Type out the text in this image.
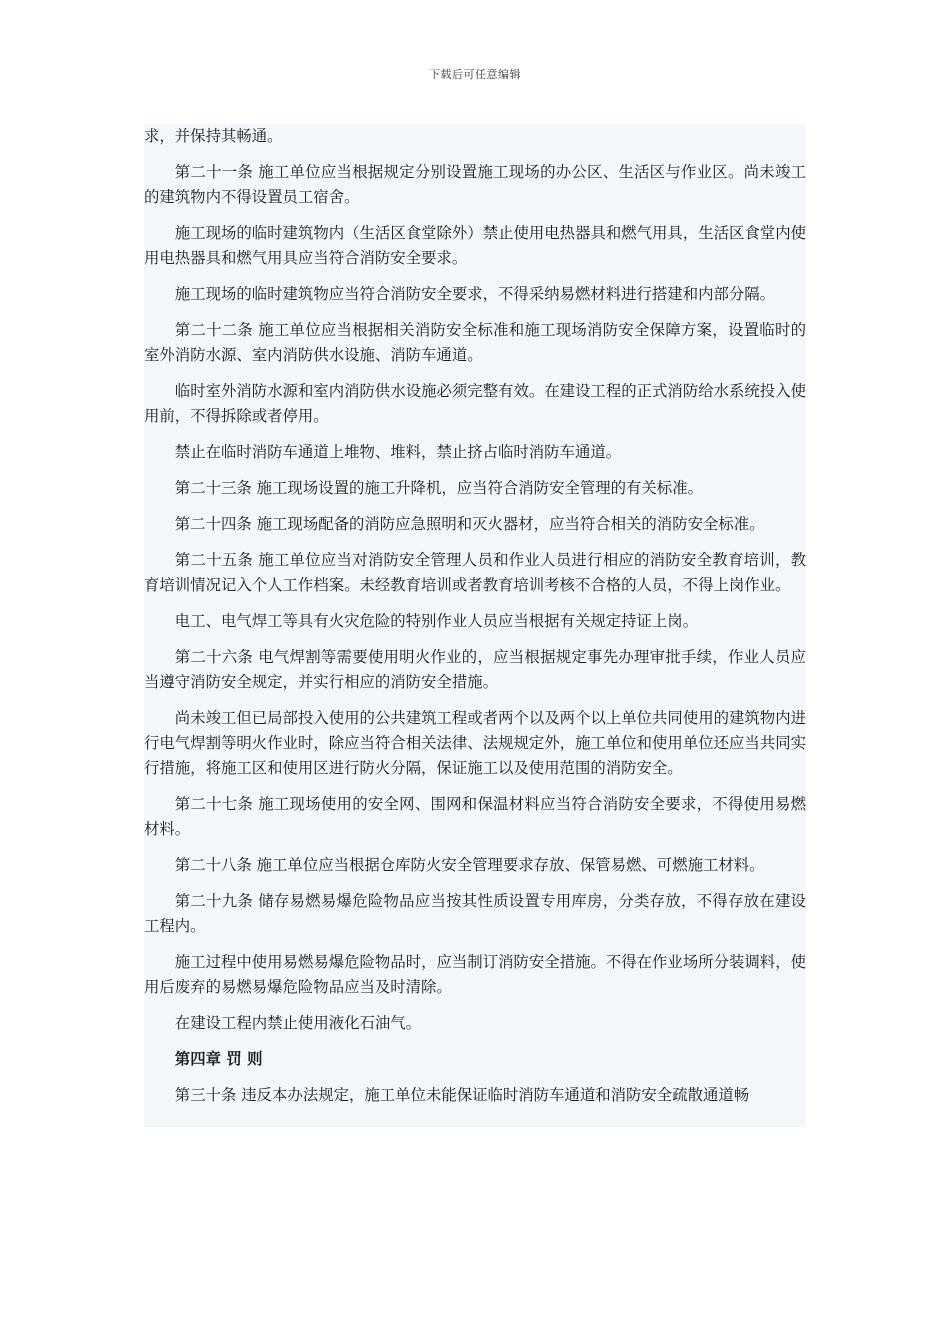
下载后可任意编辑

求，并保持其畅通。

第二十一条 施工单位应当根据规定分别设置施工现场的办公区、生活区与作业区。尚未竣工的建筑物内不得设置员工宿舍。

施工现场的临时建筑物内（生活区食堂除外）禁止使用电热器具和燃气用具，生活区食堂内使用电热器具和燃气用具应当符合消防安全要求。

施工现场的临时建筑物应当符合消防安全要求，不得采纳易燃材料进行搭建和内部分隔。

第二十二条 施工单位应当根据相关消防安全标准和施工现场消防安全保障方案，设置临时的室外消防水源、室内消防供水设施、消防车通道。

临时室外消防水源和室内消防供水设施必须完整有效。在建设工程的正式消防给水系统投入使用前，不得拆除或者停用。

禁止在临时消防车通道上堆物、堆料，禁止挤占临时消防车通道。

第二十三条 施工现场设置的施工升降机，应当符合消防安全管理的有关标准。

第二十四条 施工现场配备的消防应急照明和灭火器材，应当符合相关的消防安全标准。

第二十五条 施工单位应当对消防安全管理人员和作业人员进行相应的消防安全教育培训，教育培训情况记入个人工作档案。未经教育培训或者教育培训考核不合格的人员，不得上岗作业。

电工、电气焊工等具有火灾危险的特别作业人员应当根据有关规定持证上岗。

第二十六条 电气焊割等需要使用明火作业的，应当根据规定事先办理审批手续，作业人员应当遵守消防安全规定，并实行相应的消防安全措施。

尚未竣工但已局部投入使用的公共建筑工程或者两个以及两个以上单位共同使用的建筑物内进行电气焊割等明火作业时，除应当符合相关法律、法规规定外，施工单位和使用单位还应当共同实行措施，将施工区和使用区进行防火分隔，保证施工以及使用范围的消防安全。

第二十七条 施工现场使用的安全网、围网和保温材料应当符合消防安全要求，不得使用易燃材料。

第二十八条 施工单位应当根据仓库防火安全管理要求存放、保管易燃、可燃施工材料。

第二十九条 储存易燃易爆危险物品应当按其性质设置专用库房，分类存放，不得存放在建设工程内。

施工过程中使用易燃易爆危险物品时，应当制订消防安全措施。不得在作业场所分装调料，使用后废弃的易燃易爆危险物品应当及时清除。

在建设工程内禁止使用液化石油气。

第四章 罚 则

第三十条 违反本办法规定，施工单位未能保证临时消防车通道和消防安全疏散通道畅
